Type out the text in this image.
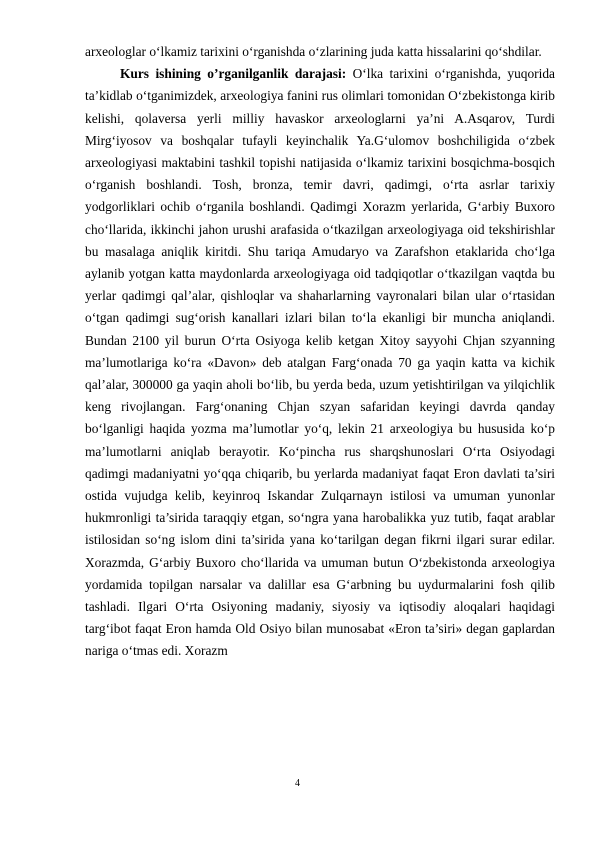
arxeologlar o‘lkamiz tarixini o‘rganishda o‘zlarining juda katta hissalarini qo‘shdilar.

Kurs ishining o’rganilganlik darajasi: O‘lka tarixini o‘rganishda, yuqorida ta’kidlab o‘tganimizdek, arxeologiya fanini rus olimlari tomonidan O‘zbekistonga kirib kelishi, qolaversa yerli milliy havaskor arxeologlarni ya’ni A.Asqarov, Turdi Mirg‘iyosov va boshqalar tufayli keyinchalik Ya.G‘ulomov boshchiligida o‘zbek arxeologiyasi maktabini tashkil topishi natijasida o‘lkamiz tarixini bosqichma-bosqich o‘rganish boshlandi. Tosh, bronza, temir davri, qadimgi, o‘rta asrlar tarixiy yodgorliklari ochib o‘rganila boshlandi. Qadimgi Xorazm yerlarida, G‘arbiy Buxoro cho‘llarida, ikkinchi jahon urushi arafasida o‘tkazilgan arxeologiyaga oid tekshirishlar bu masalaga aniqlik kiritdi. Shu tariqa Amudaryo va Zarafshon etaklarida cho‘lga aylanib yotgan katta maydonlarda arxeologiyaga oid tadqiqotlar o‘tkazilgan vaqtda bu yerlar qadimgi qal’alar, qishloqlar va shaharlarning vayronalari bilan ular o‘rtasidan o‘tgan qadimgi sug‘orish kanallari izlari bilan to‘la ekanligi bir muncha aniqlandi. Bundan 2100 yil burun O‘rta Osiyoga kelib ketgan Xitoy sayyohi Chjan szyanning ma’lumotlariga ko‘ra «Davon» deb atalgan Farg‘onada 70 ga yaqin katta va kichik qal’alar, 300000 ga yaqin aholi bo‘lib, bu yerda beda, uzum yetishtirilgan va yilqichlik keng rivojlangan. Farg‘onaning Chjan szyan safaridan keyingi davrda qanday bo‘lganligi haqida yozma ma’lumotlar yo‘q, lekin 21 arxeologiya bu hususida ko‘p ma’lumotlarni aniqlab berayotir. Ko‘pincha rus sharqshunoslari O‘rta Osiyodagi qadimgi madaniyatni yo‘qqa chiqarib, bu yerlarda madaniyat faqat Eron davlati ta’siri ostida vujudga kelib, keyinroq Iskandar Zulqarnayn istilosi va umuman yunonlar hukmronligi ta’sirida taraqqiy etgan, so‘ngra yana harobalikka yuz tutib, faqat arablar istilosidan so‘ng islom dini ta’sirida yana ko‘tarilgan degan fikrni ilgari surar edilar. Xorazmda, G‘arbiy Buxoro cho‘llarida va umuman butun O‘zbekistonda arxeologiya yordamida topilgan narsalar va dalillar esa G‘arbning bu uydurmalarini fosh qilib tashladi. Ilgari O‘rta Osiyoning madaniy, siyosiy va iqtisodiy aloqalari haqidagi targ‘ibot faqat Eron hamda Old Osiyo bilan munosabat «Eron ta’siri» degan gaplardan nariga o‘tmas edi. Xorazm

4
